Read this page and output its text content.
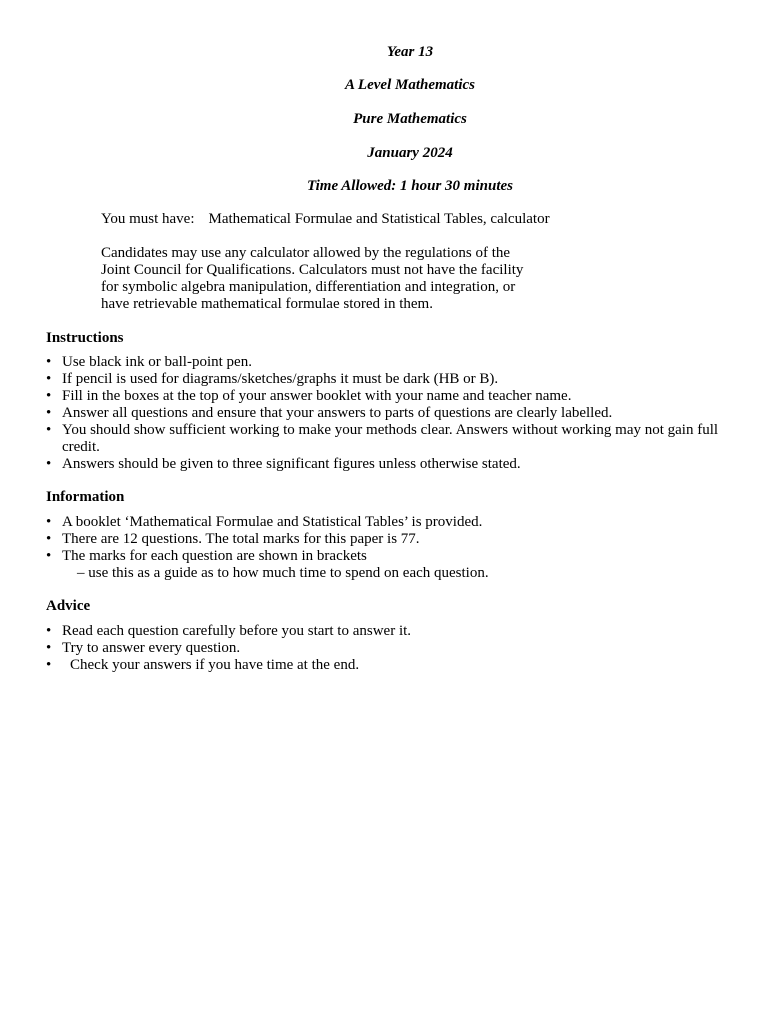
Year 13
A Level Mathematics
Pure Mathematics
January 2024
Time Allowed: 1 hour 30 minutes
You must have: Mathematical Formulae and Statistical Tables, calculator
Candidates may use any calculator allowed by the regulations of the
Joint Council for Qualifications. Calculators must not have the facility
for symbolic algebra manipulation, differentiation and integration, or
have retrievable mathematical formulae stored in them.
Instructions
• Use black ink or ball-point pen.
• If pencil is used for diagrams/sketches/graphs it must be dark (HB or B).
• Fill in the boxes at the top of your answer booklet with your name and teacher name.
• Answer all questions and ensure that your answers to parts of questions are clearly labelled.
• You should show sufficient working to make your methods clear. Answers without working may not gain full credit.
• Answers should be given to three significant figures unless otherwise stated.
Information
• A booklet ‘Mathematical Formulae and Statistical Tables’ is provided.
• There are 12 questions. The total marks for this paper is 77.
• The marks for each question are shown in brackets
– use this as a guide as to how much time to spend on each question.
Advice
• Read each question carefully before you start to answer it.
• Try to answer every question.
• Check your answers if you have time at the end.
